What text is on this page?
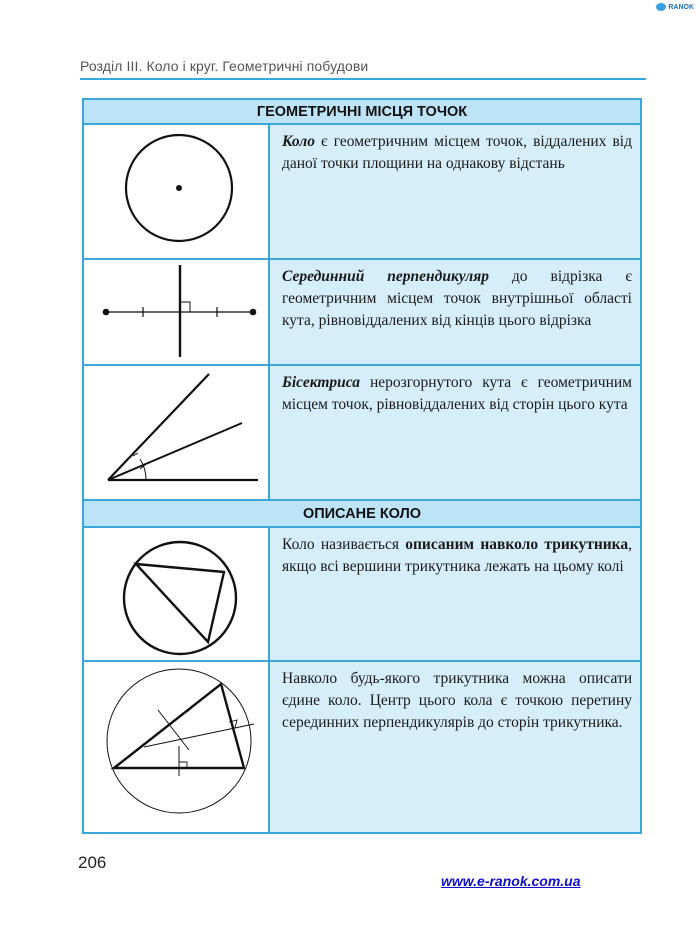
RANOK
Розділ III. Коло і круг. Геометричні побудови
ГЕОМЕТРИЧНІ МІСЦЯ ТОЧОК
Коло є геометричним місцем точок, віддалених від даної точки площини на однакову відстань
Серединний перпендикуляр до відрізка є геометричним місцем точок внутрішньої області кута, рівновіддалених від кінців цього відрізка
Бісектриса нерозгорнутого кута є геометричним місцем точок, рівновіддалених від сторін цього кута
ОПИСАНЕ КОЛО
Коло називається описаним навколо трикутника, якщо всі вершини трикутника лежать на цьому колі
Навколо будь-якого трикутника можна описати єдине коло. Центр цього кола є точкою перетину серединних перпендикулярів до сторін трикутника.
206
www.e-ranok.com.ua
